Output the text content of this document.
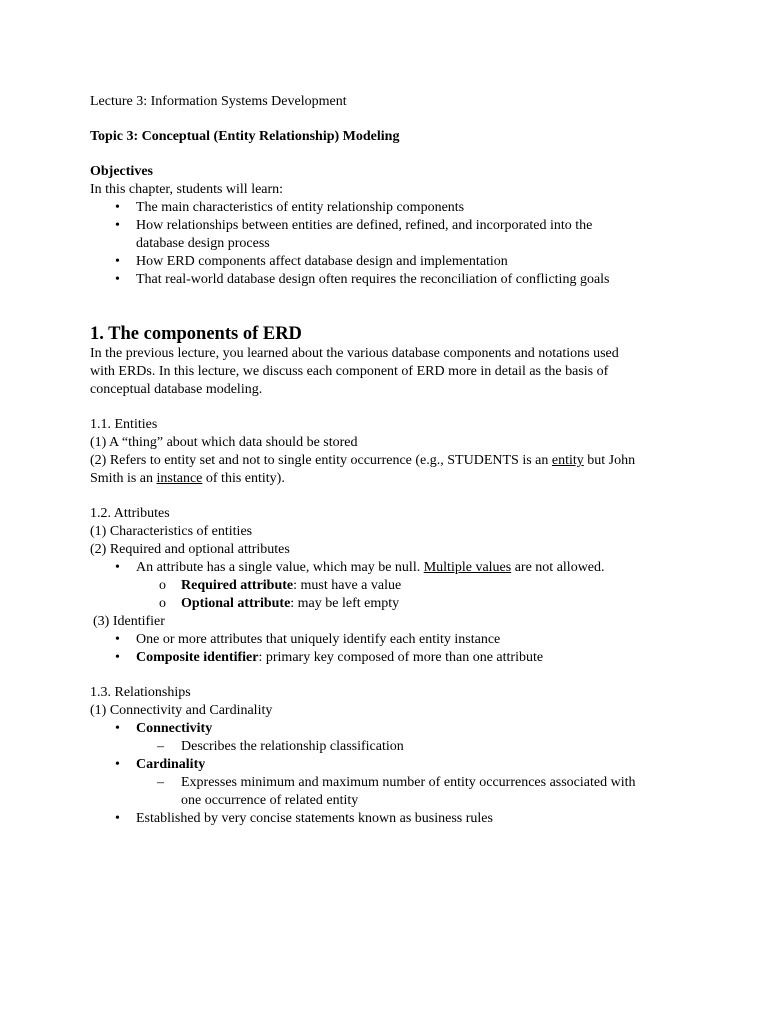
Lecture 3: Information Systems Development

Topic 3: Conceptual (Entity Relationship) Modeling

Objectives

In this chapter, students will learn:

• The main characteristics of entity relationship components
• How relationships between entities are defined, refined, and incorporated into the
database design process
• How ERD components affect database design and implementation
• That real-world database design often requires the reconciliation of conflicting goals

1. The components of ERD

In the previous lecture, you learned about the various database components and notations used
with ERDs. In this lecture, we discuss each component of ERD more in detail as the basis of
conceptual database modeling.

1.1. Entities

(1) A “thing” about which data should be stored

(2) Refers to entity set and not to single entity occurrence (e.g., STUDENTS is an entity but John
Smith is an instance of this entity).

1.2. Attributes

(1) Characteristics of entities

(2) Required and optional attributes

• An attribute has a single value, which may be null. Multiple values are not allowed.
o Required attribute: must have a value
o Optional attribute: may be left empty

(3) Identifier

• One or more attributes that uniquely identify each entity instance
• Composite identifier: primary key composed of more than one attribute

1.3. Relationships

(1) Connectivity and Cardinality

• Connectivity
– Describes the relationship classification
• Cardinality
– Expresses minimum and maximum number of entity occurrences associated with
one occurrence of related entity
• Established by very concise statements known as business rules
